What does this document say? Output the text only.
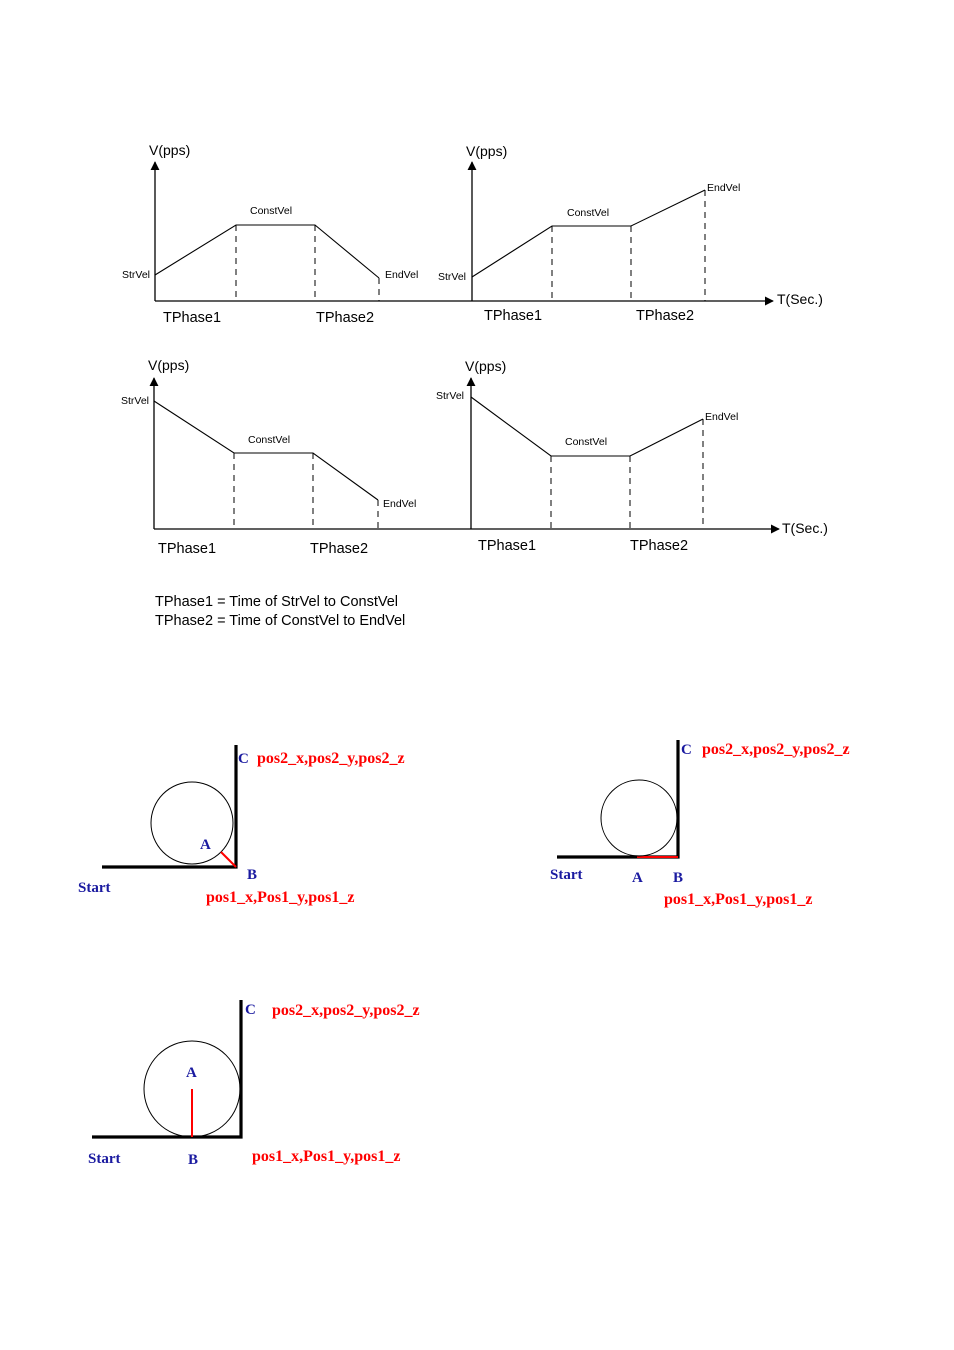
V(pps)
StrVel
ConstVel
EndVel
TPhase1	TPhase2
V(pps)
T(Sec.)
StrVel
ConstVel
EndVel
TPhase1	TPhase2
V(pps)
StrVel
ConstVel
EndVel
TPhase1	TPhase2
V(pps)
T(Sec.)
StrVel
ConstVel
EndVel
TPhase1	TPhase2
TPhase1 = Time of StrVel to ConstVel
TPhase2 = Time of ConstVel to EndVel
C pos2_x,pos2_y,pos2_z
A
B
Start
pos1_x,Pos1_y,pos1_z
C pos2_x,pos2_y,pos2_z
A B
Start
pos1_x,Pos1_y,pos1_z
C pos2_x,pos2_y,pos2_z
A
B
Start	pos1_x,Pos1_y,pos1_z
